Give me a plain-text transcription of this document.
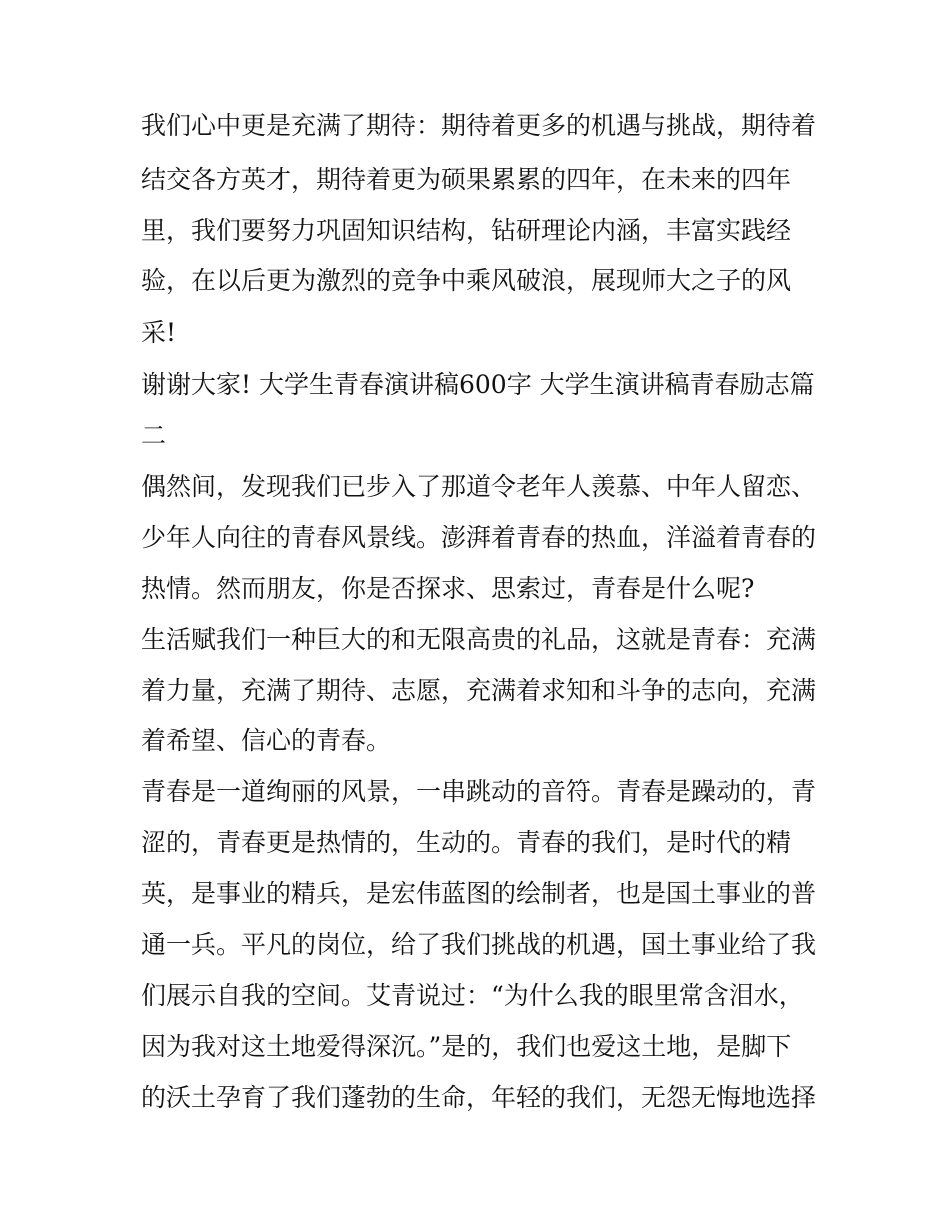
我们心中更是充满了期待：期待着更多的机遇与挑战，期待着
结交各方英才，期待着更为硕果累累的四年，在未来的四年
里，我们要努力巩固知识结构，钻研理论内涵，丰富实践经
验，在以后更为激烈的竞争中乘风破浪，展现师大之子的风
采!
谢谢大家! 大学生青春演讲稿600字 大学生演讲稿青春励志篇
二
偶然间，发现我们已步入了那道令老年人羡慕、中年人留恋、
少年人向往的青春风景线。澎湃着青春的热血，洋溢着青春的
热情。然而朋友，你是否探求、思索过，青春是什么呢?
生活赋我们一种巨大的和无限高贵的礼品，这就是青春：充满
着力量，充满了期待、志愿，充满着求知和斗争的志向，充满
着希望、信心的青春。
青春是一道绚丽的风景，一串跳动的音符。青春是躁动的，青
涩的，青春更是热情的，生动的。青春的我们，是时代的精
英，是事业的精兵，是宏伟蓝图的绘制者，也是国土事业的普
通一兵。平凡的岗位，给了我们挑战的机遇，国土事业给了我
们展示自我的空间。艾青说过：“为什么我的眼里常含泪水，
因为我对这土地爱得深沉。”是的，我们也爱这土地，是脚下
的沃土孕育了我们蓬勃的生命，年轻的我们，无怨无悔地选择
